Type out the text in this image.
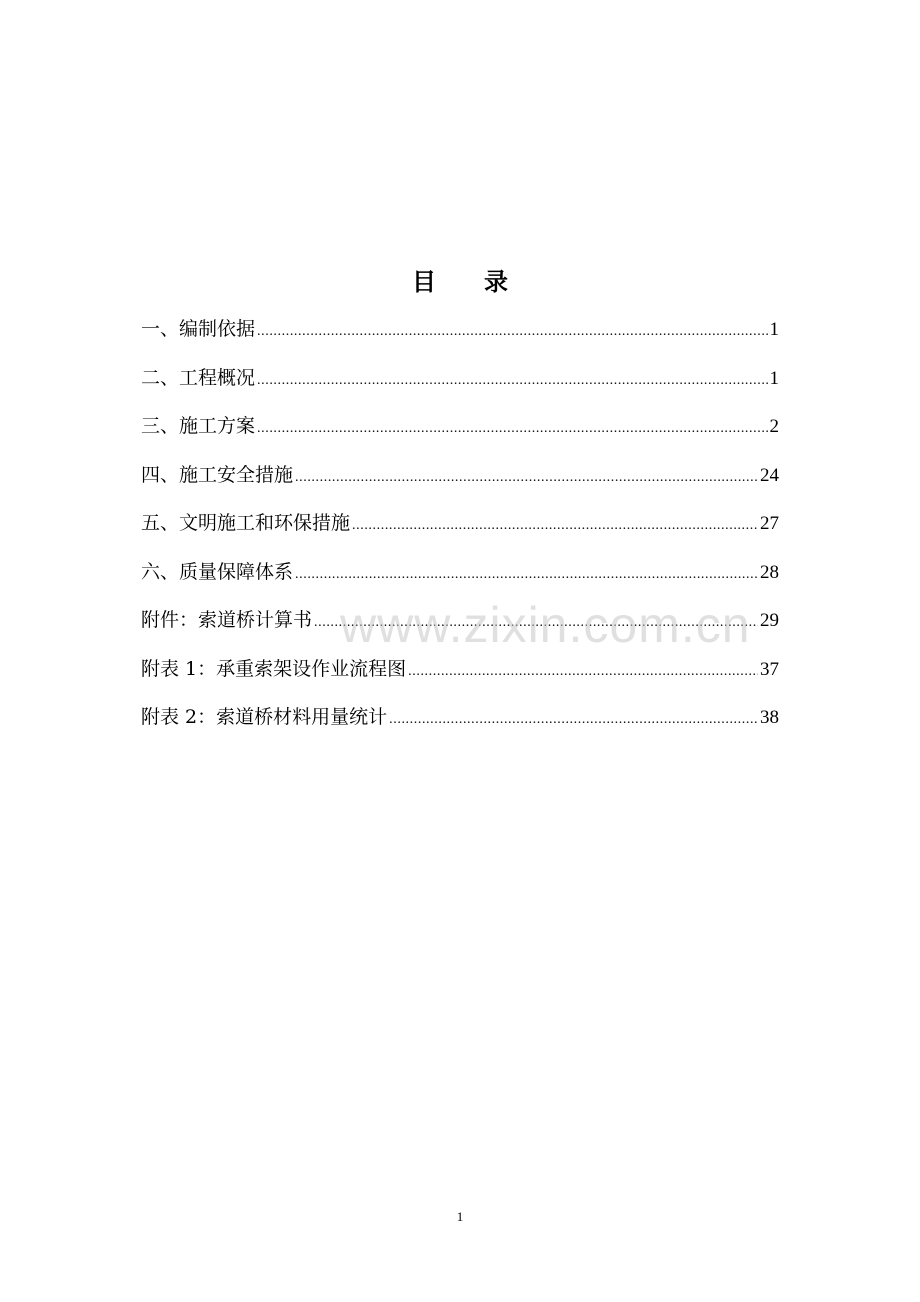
目录
一、编制依据 .....	1
二、工程概况 .....	1
三、施工方案 .....	2
四、施工安全措施 .....	24
五、文明施工和环保措施 .....	27
六、质量保障体系 .....	28
附件：索道桥计算书 .....	29
附表 1：承重索架设作业流程图 .....	37
附表 2：索道桥材料用量统计 .....	38
www.zixin.com.cn
1
